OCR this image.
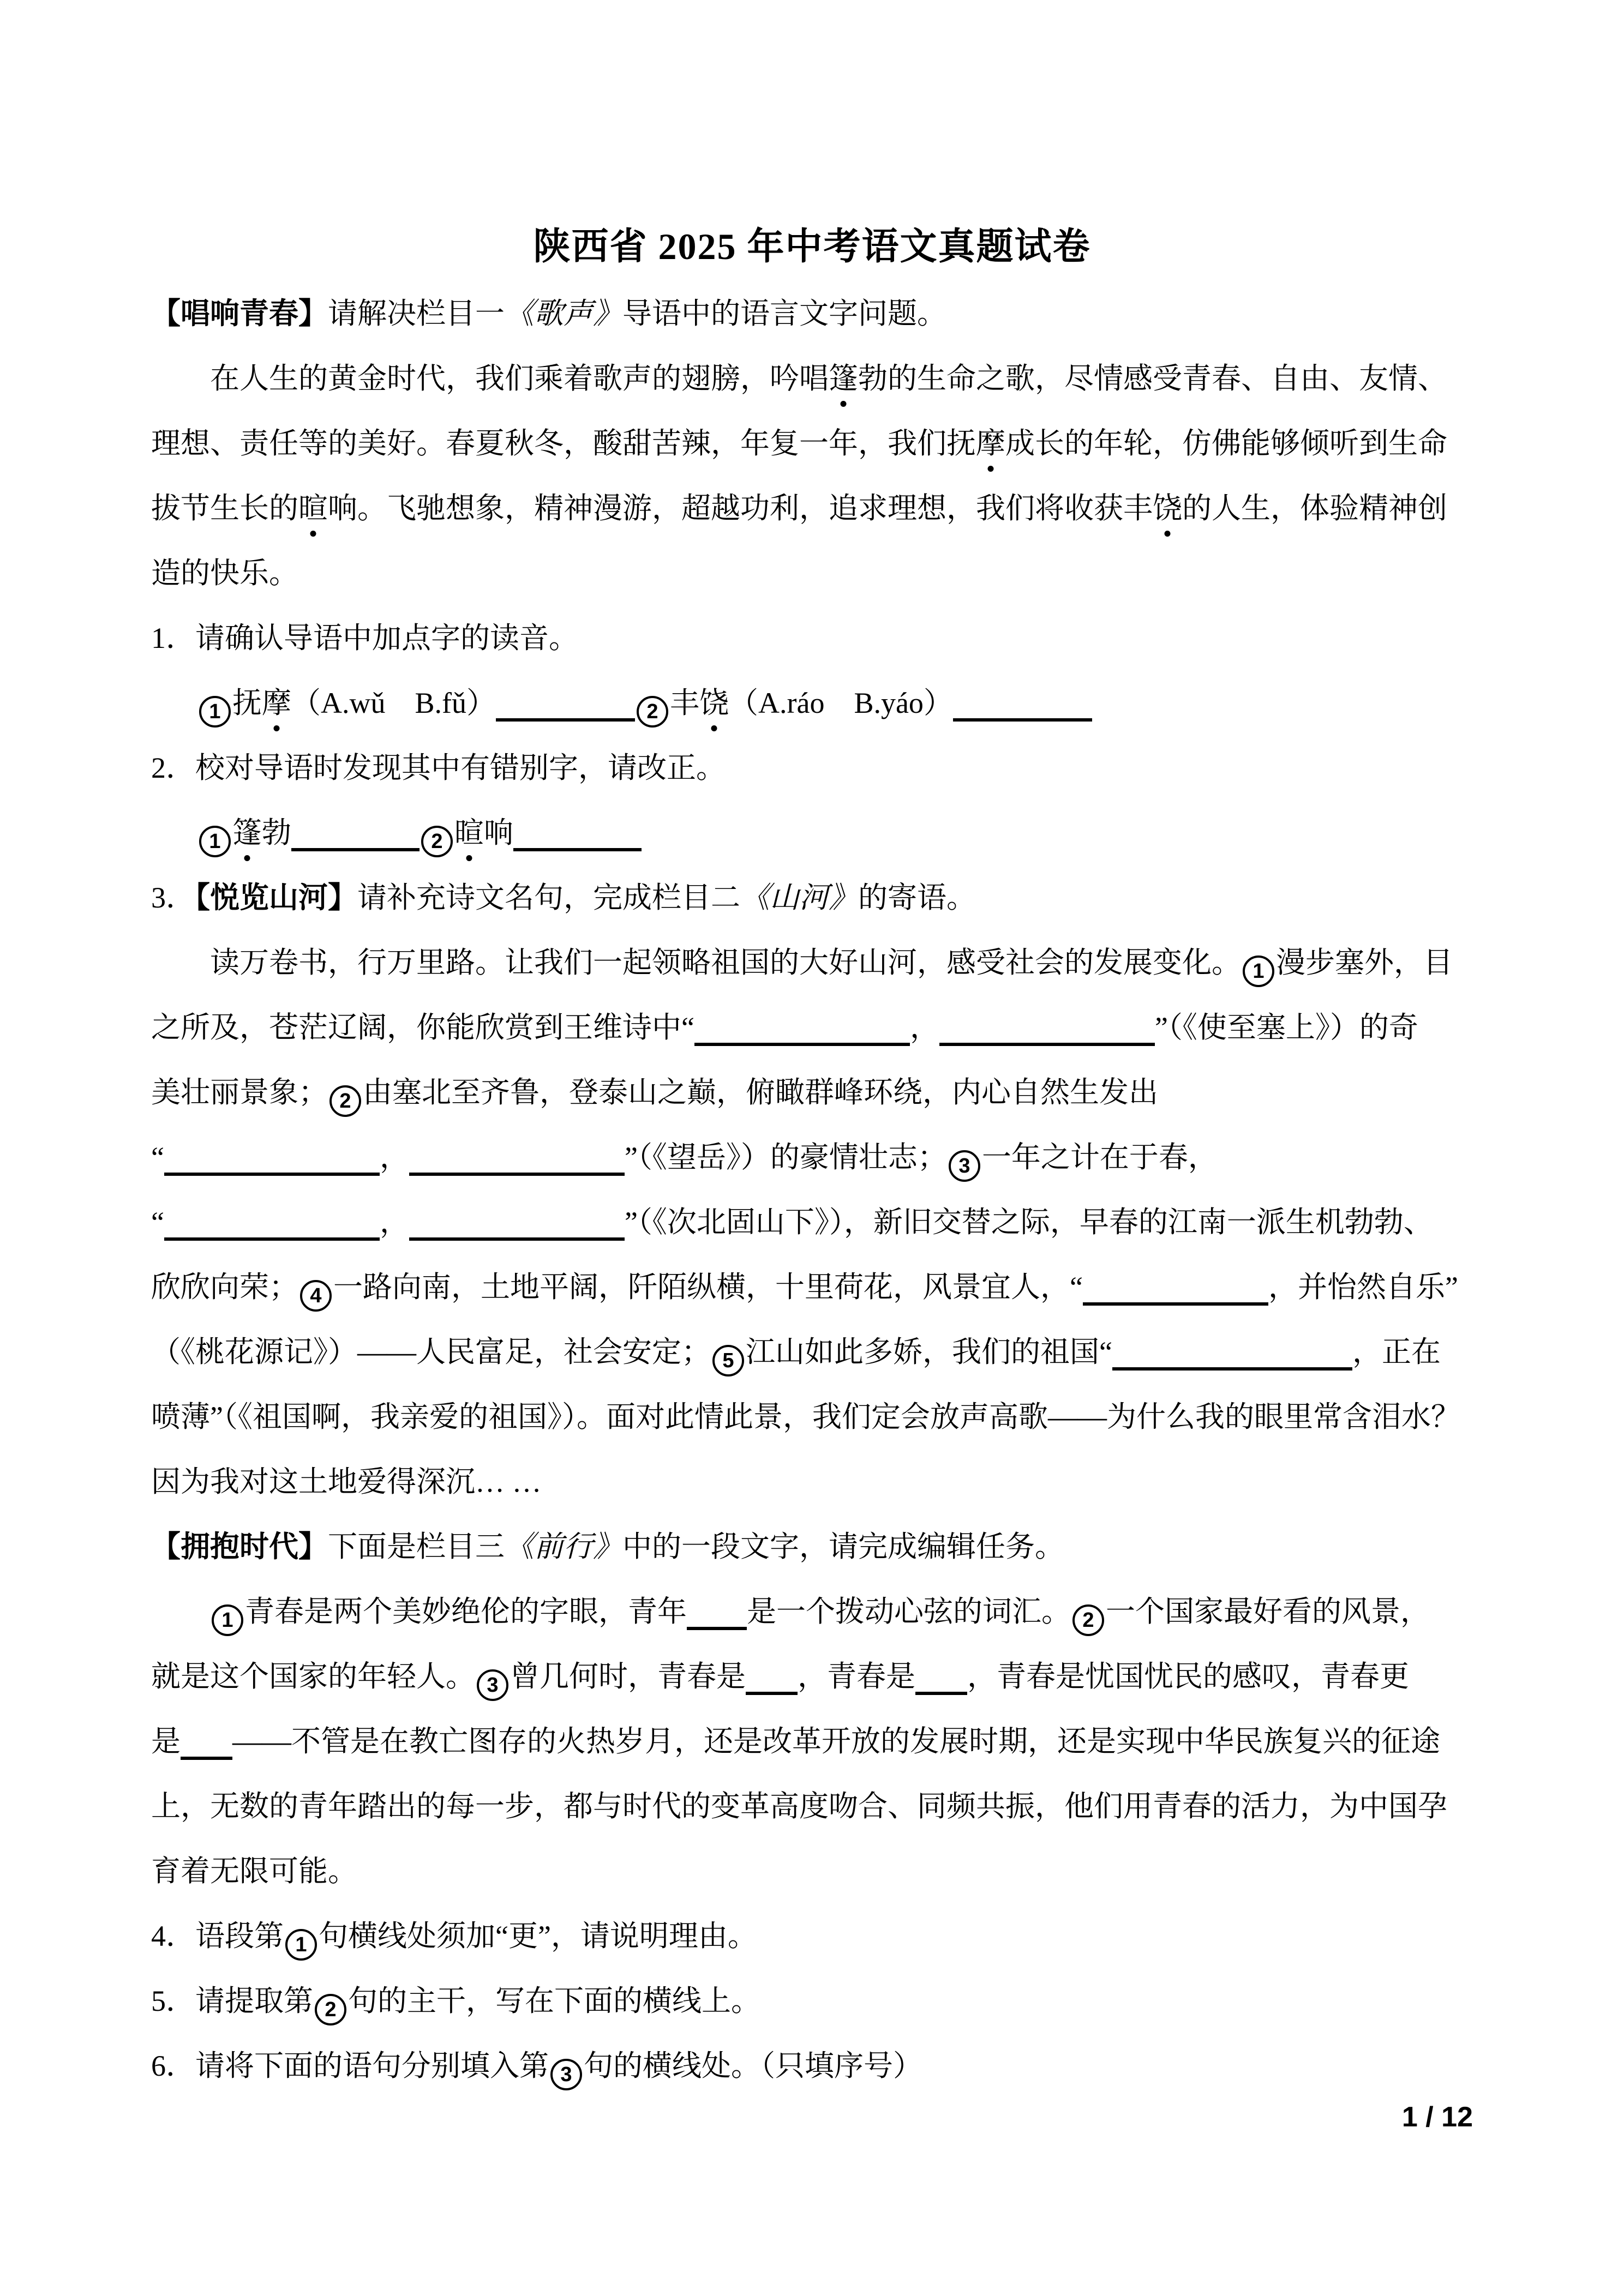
陕西省 2025 年中考语文真题试卷
【唱响青春】请解决栏目一《歌声》导语中的语言文字问题。
在人生的黄金时代，我们乘着歌声的翅膀，吟唱篷勃的生命之歌，尽情感受青春、自由、友情、
理想、责任等的美好。春夏秋冬，酸甜苦辣，年复一年，我们抚摩成长的年轮，仿佛能够倾听到生命
拔节生长的暄响。飞驰想象，精神漫游，超越功利，追求理想，我们将收获丰饶的人生，体验精神创
造的快乐。
1．请确认导语中加点字的读音。
1 抚摩（A.wǔ　B.fǔ）	2 丰饶（A.ráo　B.yáo）
2．校对导语时发现其中有错别字，请改正。
1 篷勃	2 暄响
3．【悦览山河】请补充诗文名句，完成栏目二《山河》的寄语。
读万卷书，行万里路。让我们一起领略祖国的大好山河，感受社会的发展变化。 1 漫步塞外，目
之所及，苍茫辽阔，你能欣赏到王维诗中“	，	”（《使至塞上》）的奇
美壮丽景象； 2 由塞北至齐鲁，登泰山之巅，俯瞰群峰环绕，内心自然生发出
“	，	”（《望岳》）的豪情壮志； 3 一年之计在于春，
“	，	”（《次北固山下》），新旧交替之际，早春的江南一派生机勃勃、
欣欣向荣； 4 一路向南，土地平阔，阡陌纵横，十里荷花，风景宜人，“	，并怡然自乐”
（《桃花源记》）——人民富足，社会安定； 5 江山如此多娇，我们的祖国“	，正在
喷薄”（《祖国啊，我亲爱的祖国》）。面对此情此景，我们定会放声高歌——为什么我的眼里常含泪水？
因为我对这土地爱得深沉… …
【拥抱时代】下面是栏目三《前行》中的一段文字，请完成编辑任务。
1 青春是两个美妙绝伦的字眼，青年 是一个拨动心弦的词汇。 2 一个国家最好看的风景，
就是这个国家的年轻人。 3 曾几何时，青春是 ，青春是 ，青春是忧国忧民的感叹，青春更
是 ——不管是在教亡图存的火热岁月，还是改革开放的发展时期，还是实现中华民族复兴的征途
上，无数的青年踏出的每一步，都与时代的变革高度吻合、同频共振，他们用青春的活力，为中国孕
育着无限可能。
4．语段第 1 句横线处须加“更”，请说明理由。
5．请提取第 2 句的主干，写在下面的横线上。
6．请将下面的语句分别填入第 3 句的横线处。（只填序号）
1 / 12
